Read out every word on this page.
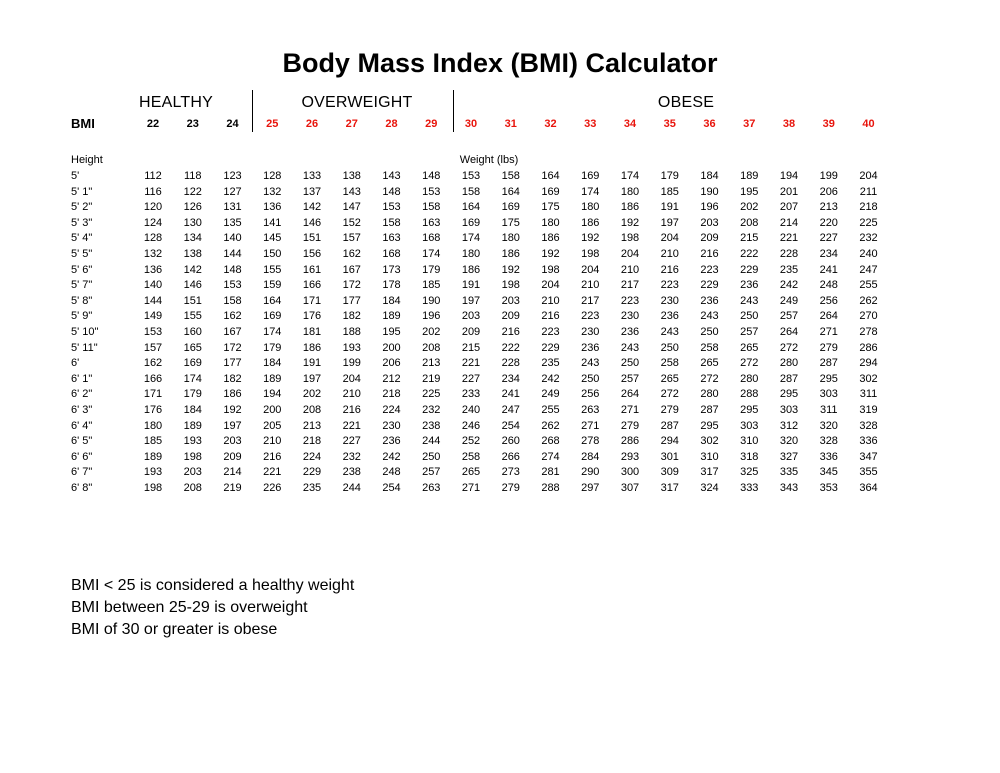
Body Mass Index (BMI) Calculator
HEALTHY	OVERWEIGHT	OBESE
BMI	22	23	24	25	26	27	28	29	30	31	32	33	34	35	36	37	38	39	40
Height	Weight (lbs)
5'	112 118 123 128 133 138 143 148 153 158 164 169 174 179 184 189 194 199 204
5' 1"	116 122 127 132 137 143 148 153 158 164 169 174 180 185 190 195 201 206 211
5' 2"	120 126 131 136 142 147 153 158 164 169 175 180 186 191 196 202 207 213 218
5' 3"	124 130 135 141 146 152 158 163 169 175 180 186 192 197 203 208 214 220 225
5' 4"	128 134 140 145 151 157 163 168 174 180 186 192 198 204 209 215 221 227 232
5' 5"	132 138 144 150 156 162 168 174 180 186 192 198 204 210 216 222 228 234 240
5' 6"	136 142 148 155 161 167 173 179 186 192 198 204 210 216 223 229 235 241 247
5' 7"	140 146 153 159 166 172 178 185 191 198 204 210 217 223 229 236 242 248 255
5' 8"	144 151 158 164 171 177 184 190 197 203 210 217 223 230 236 243 249 256 262
5' 9"	149 155 162 169 176 182 189 196 203 209 216 223 230 236 243 250 257 264 270
5' 10"	153 160 167 174 181 188 195 202 209 216 223 230 236 243 250 257 264 271 278
5' 11"	157 165 172 179 186 193 200 208 215 222 229 236 243 250 258 265 272 279 286
6'	162 169 177 184 191 199 206 213 221 228 235 243 250 258 265 272 280 287 294
6' 1"	166 174 182 189 197 204 212 219 227 234 242 250 257 265 272 280 287 295 302
6' 2"	171 179 186 194 202 210 218 225 233 241 249 256 264 272 280 288 295 303 311
6' 3"	176 184 192 200 208 216 224 232 240 247 255 263 271 279 287 295 303 311 319
6' 4"	180 189 197 205 213 221 230 238 246 254 262 271 279 287 295 303 312 320 328
6' 5"	185 193 203 210 218 227 236 244 252 260 268 278 286 294 302 310 320 328 336
6' 6"	189 198 209 216 224 232 242 250 258 266 274 284 293 301 310 318 327 336 347
6' 7"	193 203 214 221 229 238 248 257 265 273 281 290 300 309 317 325 335 345 355
6' 8"	198 208 219 226 235 244 254 263 271 279 288 297 307 317 324 333 343 353 364
BMI < 25 is considered a healthy weight
BMI between 25-29 is overweight
BMI of 30 or greater is obese
